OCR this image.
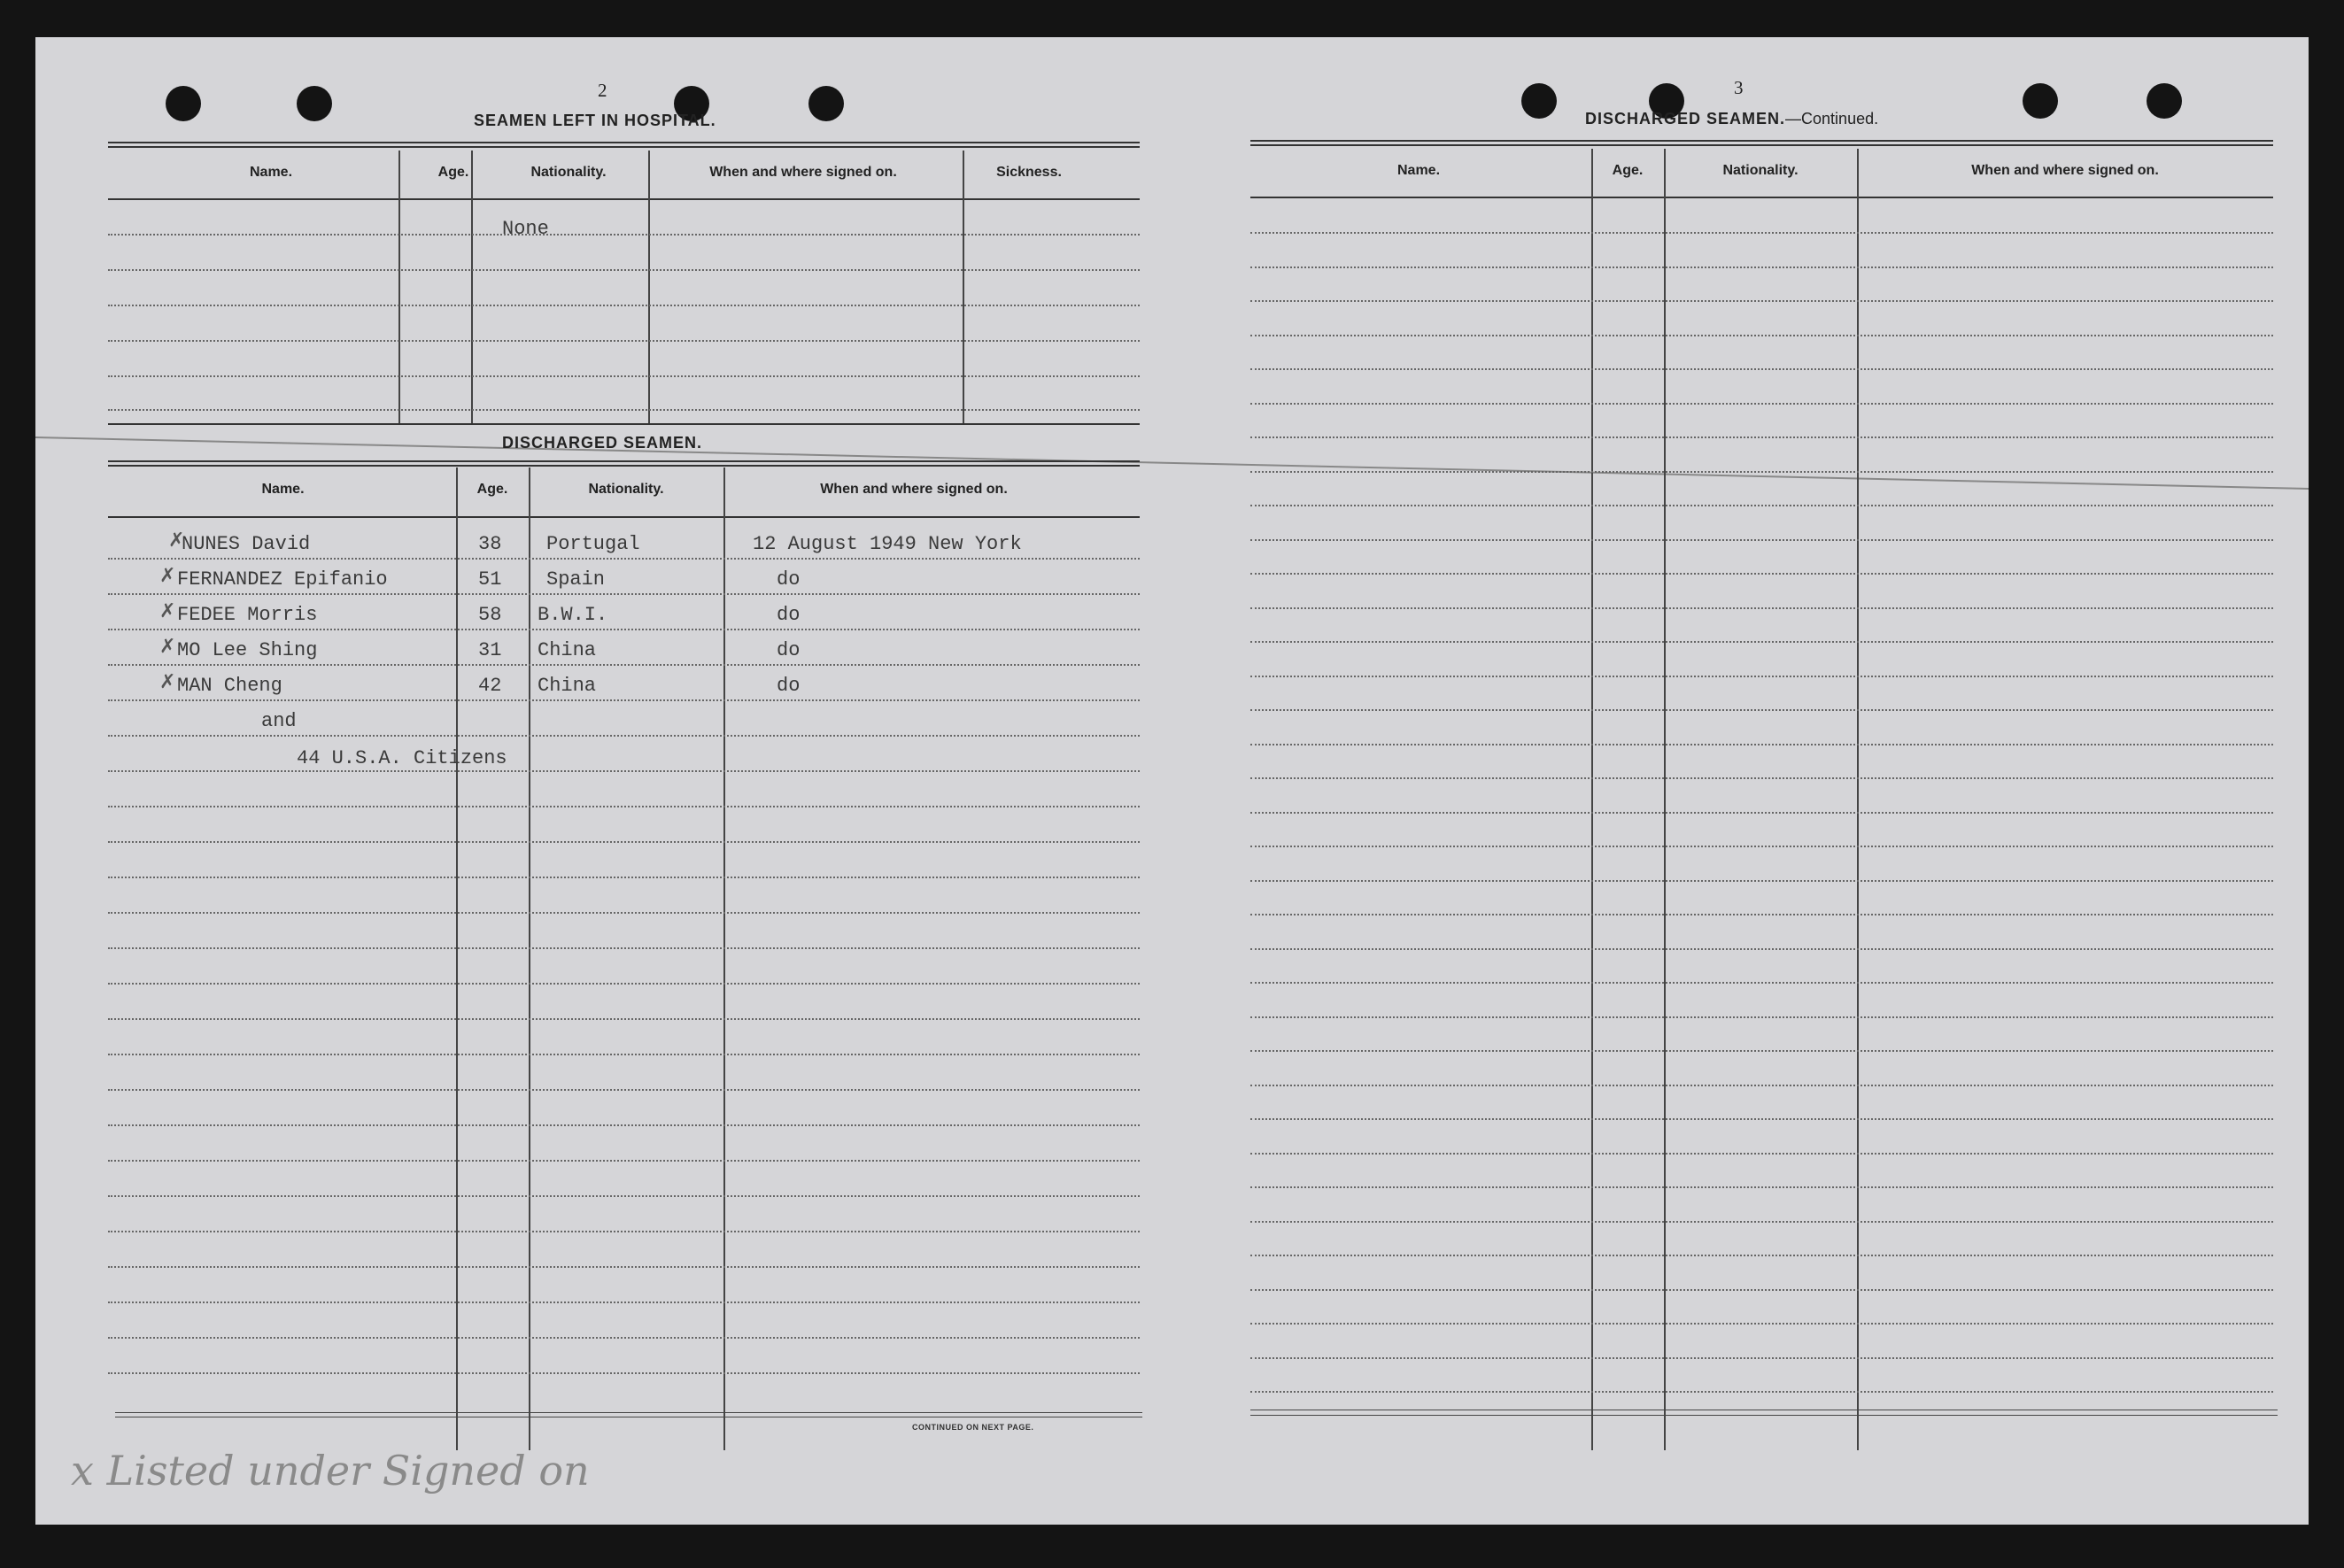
2
SEAMEN LEFT IN HOSPITAL.
Name.	Age.	Nationality.	When and where signed on.	Sickness.
None
DISCHARGED SEAMEN.
Name.	Age.	Nationality.	When and where signed on.
✗
NUNES David	38 Portugal	12 August 1949 New York
✗ FERNANDEZ Epifanio	51 Spain	do
✗ FEDEE Morris	58 B.W.I.	do
✗ MO Lee Shing	31 China	do
✗ MAN Cheng	42 China	do
and
44 U.S.A. Citizens
CONTINUED ON NEXT PAGE.
3
DISCHARGED SEAMEN.—Continued.
Name.	Age.	Nationality.	When and where signed on.
x Listed under Signed on
